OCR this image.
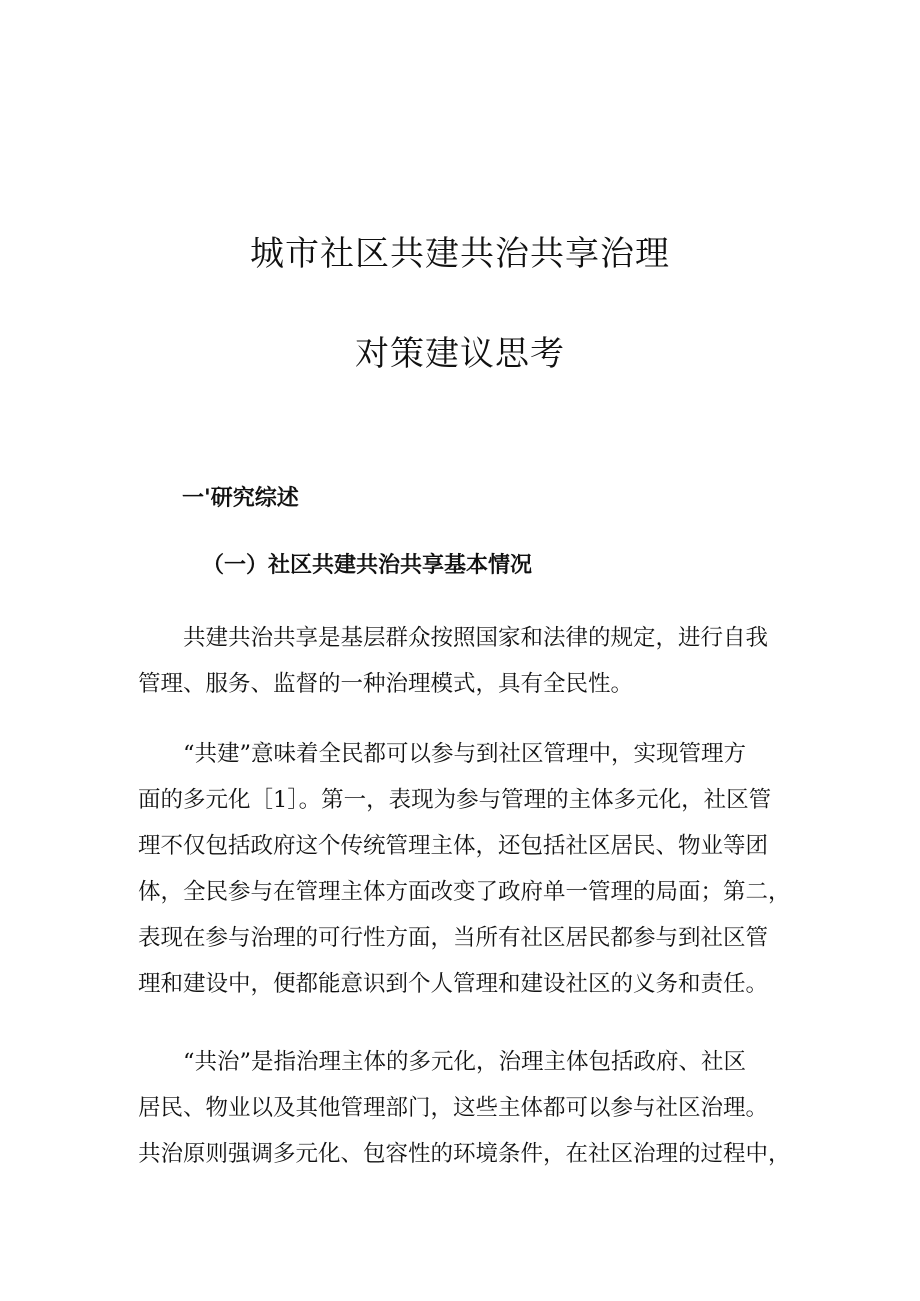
城市社区共建共治共享治理
对策建议思考
一'研究综述
（一）社区共建共治共享基本情况
共建共治共享是基层群众按照国家和法律的规定，进行自我
管理、服务、监督的一种治理模式，具有全民性。
“共建”意味着全民都可以参与到社区管理中，实现管理方
面的多元化［1］。第一，表现为参与管理的主体多元化，社区管
理不仅包括政府这个传统管理主体，还包括社区居民、物业等团
体，全民参与在管理主体方面改变了政府单一管理的局面；第二，
表现在参与治理的可行性方面，当所有社区居民都参与到社区管
理和建设中，便都能意识到个人管理和建设社区的义务和责任。
“共治”是指治理主体的多元化，治理主体包括政府、社区
居民、物业以及其他管理部门，这些主体都可以参与社区治理。
共治原则强调多元化、包容性的环境条件，在社区治理的过程中，
